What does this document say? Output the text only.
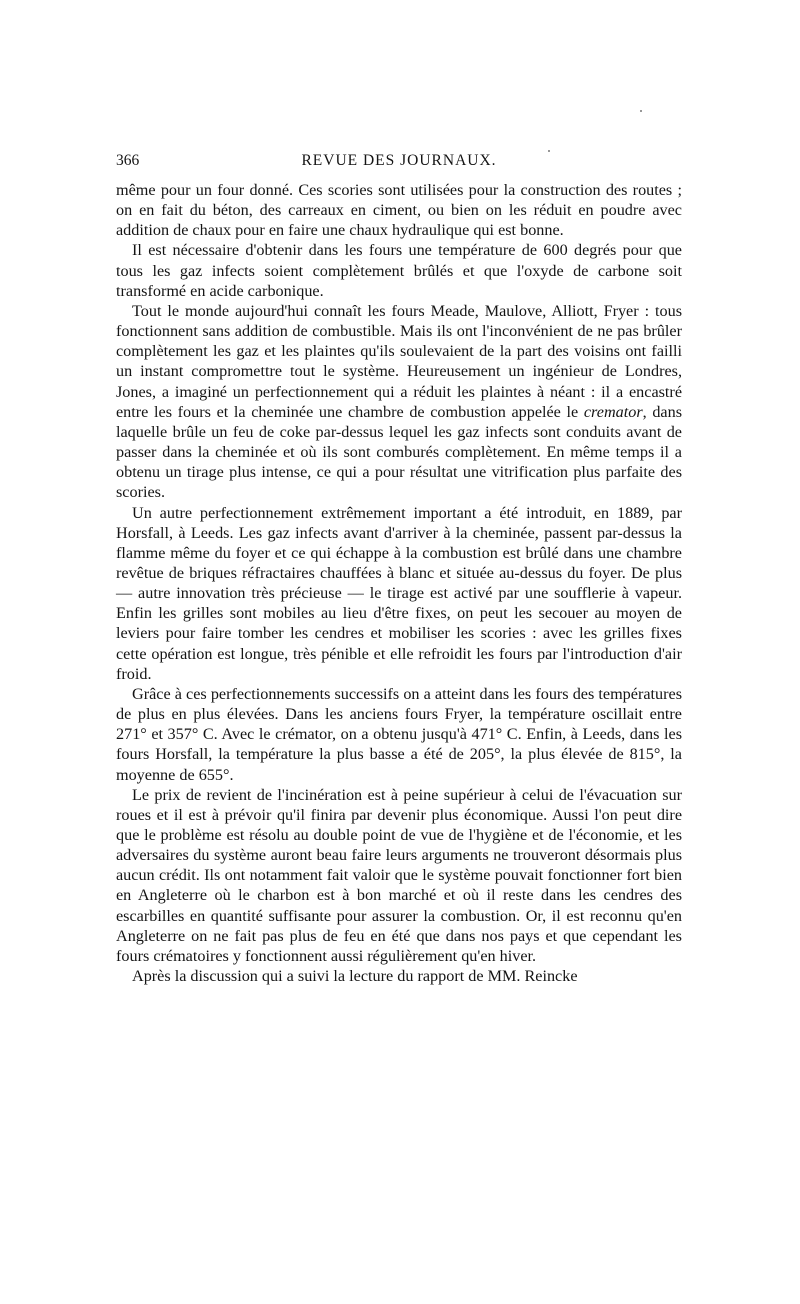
366	REVUE DES JOURNAUX.

même pour un four donné. Ces scories sont utilisées pour la construction des routes ; on en fait du béton, des carreaux en ciment, ou bien on les réduit en poudre avec addition de chaux pour en faire une chaux hydraulique qui est bonne.

Il est nécessaire d'obtenir dans les fours une température de 600 degrés pour que tous les gaz infects soient complètement brûlés et que l'oxyde de carbone soit transformé en acide carbonique.

Tout le monde aujourd'hui connaît les fours Meade, Maulove, Alliott, Fryer : tous fonctionnent sans addition de combustible. Mais ils ont l'inconvénient de ne pas brûler complètement les gaz et les plaintes qu'ils soulevaient de la part des voisins ont failli un instant compromettre tout le système. Heureusement un ingénieur de Londres, Jones, a imaginé un perfectionnement qui a réduit les plaintes à néant : il a encastré entre les fours et la cheminée une chambre de combustion appelée le cremator, dans laquelle brûle un feu de coke par-dessus lequel les gaz infects sont conduits avant de passer dans la cheminée et où ils sont comburés complètement. En même temps il a obtenu un tirage plus intense, ce qui a pour résultat une vitrification plus parfaite des scories.

Un autre perfectionnement extrêmement important a été introduit, en 1889, par Horsfall, à Leeds. Les gaz infects avant d'arriver à la cheminée, passent par-dessus la flamme même du foyer et ce qui échappe à la combustion est brûlé dans une chambre revêtue de briques réfractaires chauffées à blanc et située au-dessus du foyer. De plus — autre innovation très précieuse — le tirage est activé par une soufflerie à vapeur. Enfin les grilles sont mobiles au lieu d'être fixes, on peut les secouer au moyen de leviers pour faire tomber les cendres et mobiliser les scories : avec les grilles fixes cette opération est longue, très pénible et elle refroidit les fours par l'introduction d'air froid.

Grâce à ces perfectionnements successifs on a atteint dans les fours des températures de plus en plus élevées. Dans les anciens fours Fryer, la température oscillait entre 271° et 357° C. Avec le crémator, on a obtenu jusqu'à 471° C. Enfin, à Leeds, dans les fours Horsfall, la température la plus basse a été de 205°, la plus élevée de 815°, la moyenne de 655°.

Le prix de revient de l'incinération est à peine supérieur à celui de l'évacuation sur roues et il est à prévoir qu'il finira par devenir plus économique. Aussi l'on peut dire que le problème est résolu au double point de vue de l'hygiène et de l'économie, et les adversaires du système auront beau faire leurs arguments ne trouveront désormais plus aucun crédit. Ils ont notamment fait valoir que le système pouvait fonctionner fort bien en Angleterre où le charbon est à bon marché et où il reste dans les cendres des escarbilles en quantité suffisante pour assurer la combustion. Or, il est reconnu qu'en Angleterre on ne fait pas plus de feu en été que dans nos pays et que cependant les fours crématoires y fonctionnent aussi régulièrement qu'en hiver.

Après la discussion qui a suivi la lecture du rapport de MM. Reincke
